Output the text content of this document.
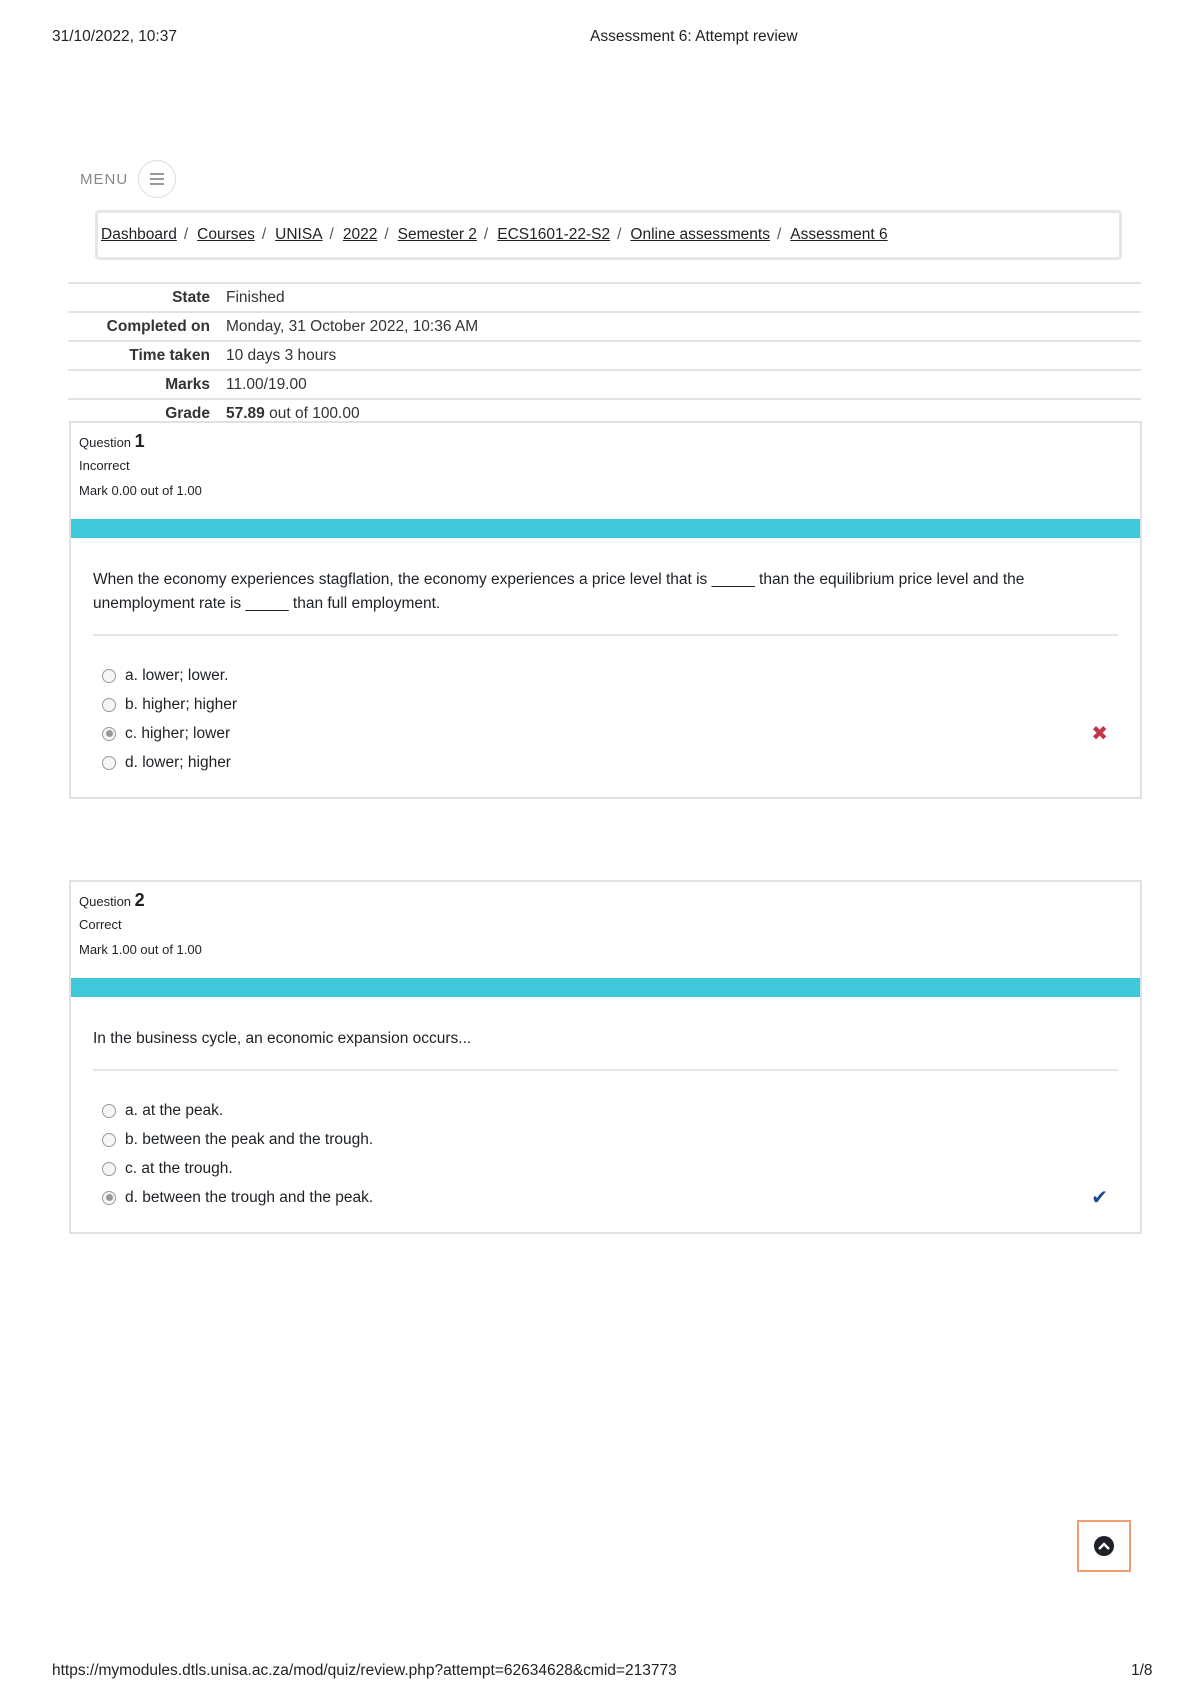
31/10/2022, 10:37	Assessment 6: Attempt review
MENU
Dashboard / Courses / UNISA / 2022 / Semester 2 / ECS1601-22-S2 / Online assessments / Assessment 6
State	Finished
Completed on	Monday, 31 October 2022, 10:36 AM
Time taken	10 days 3 hours
Marks	11.00/19.00
Grade	57.89 out of 100.00
Question 1
Incorrect
Mark 0.00 out of 1.00
When the economy experiences stagflation, the economy experiences a price level that is _____ than the equilibrium price level and the unemployment rate is _____ than full employment.
a. lower; lower.
b. higher; higher
c. higher; lower	✖
d. lower; higher
Question 2
Correct
Mark 1.00 out of 1.00
In the business cycle, an economic expansion occurs...
a. at the peak.
b. between the peak and the trough.
c. at the trough.
d. between the trough and the peak.	✔
https://mymodules.dtls.unisa.ac.za/mod/quiz/review.php?attempt=62634628&cmid=213773	1/8
